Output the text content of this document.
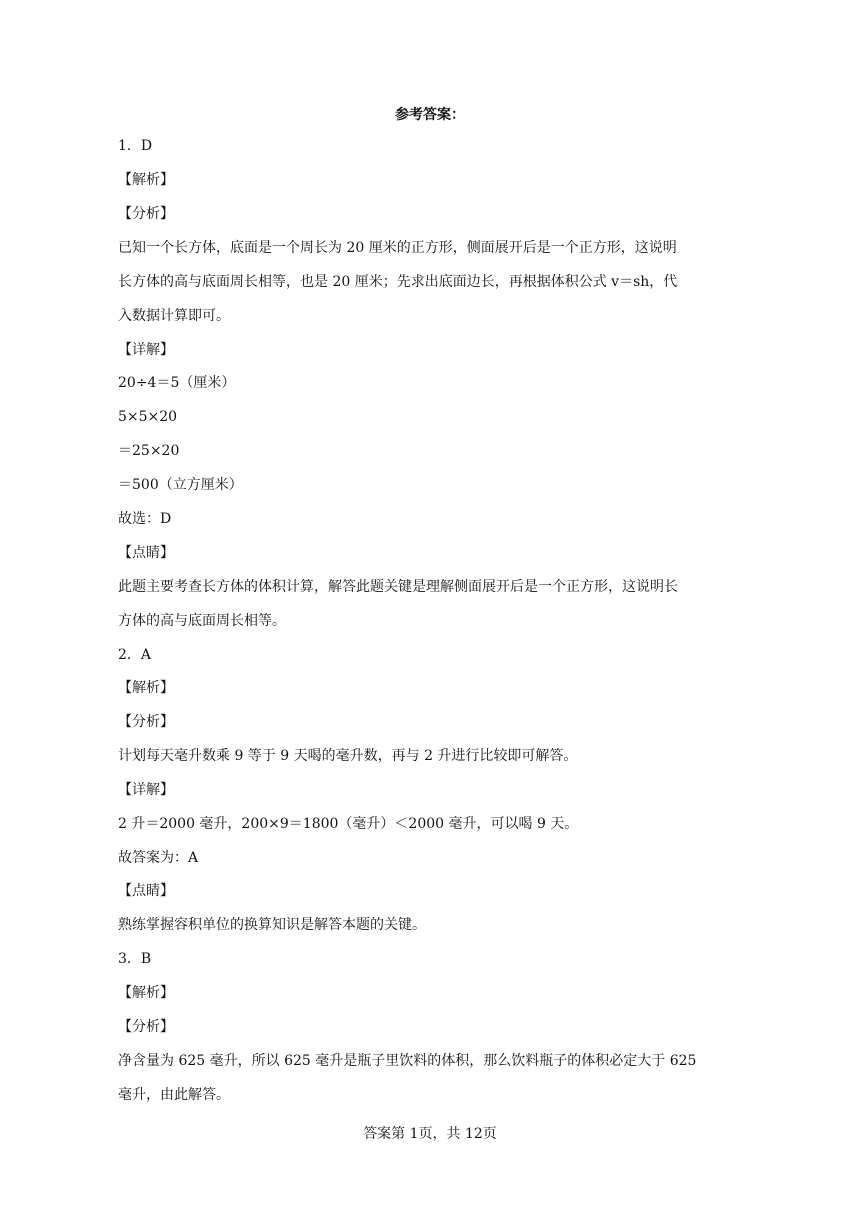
参考答案：
1．D
【解析】
【分析】
已知一个长方体，底面是一个周长为 20 厘米的正方形，侧面展开后是一个正方形，这说明
长方体的高与底面周长相等，也是 20 厘米；先求出底面边长，再根据体积公式 v＝sh，代
入数据计算即可。
【详解】
20÷4＝5（厘米）
5×5×20
＝25×20
＝500（立方厘米）
故选：D
【点睛】
此题主要考查长方体的体积计算，解答此题关键是理解侧面展开后是一个正方形，这说明长
方体的高与底面周长相等。
2．A
【解析】
【分析】
计划每天毫升数乘 9 等于 9 天喝的毫升数，再与 2 升进行比较即可解答。
【详解】
2 升＝2000 毫升，200×9＝1800（毫升）＜2000 毫升，可以喝 9 天。
故答案为：A
【点睛】
熟练掌握容积单位的换算知识是解答本题的关键。
3．B
【解析】
【分析】
净含量为 625 毫升，所以 625 毫升是瓶子里饮料的体积，那么饮料瓶子的体积必定大于 625
毫升，由此解答。
答案第 1页，共 12页
